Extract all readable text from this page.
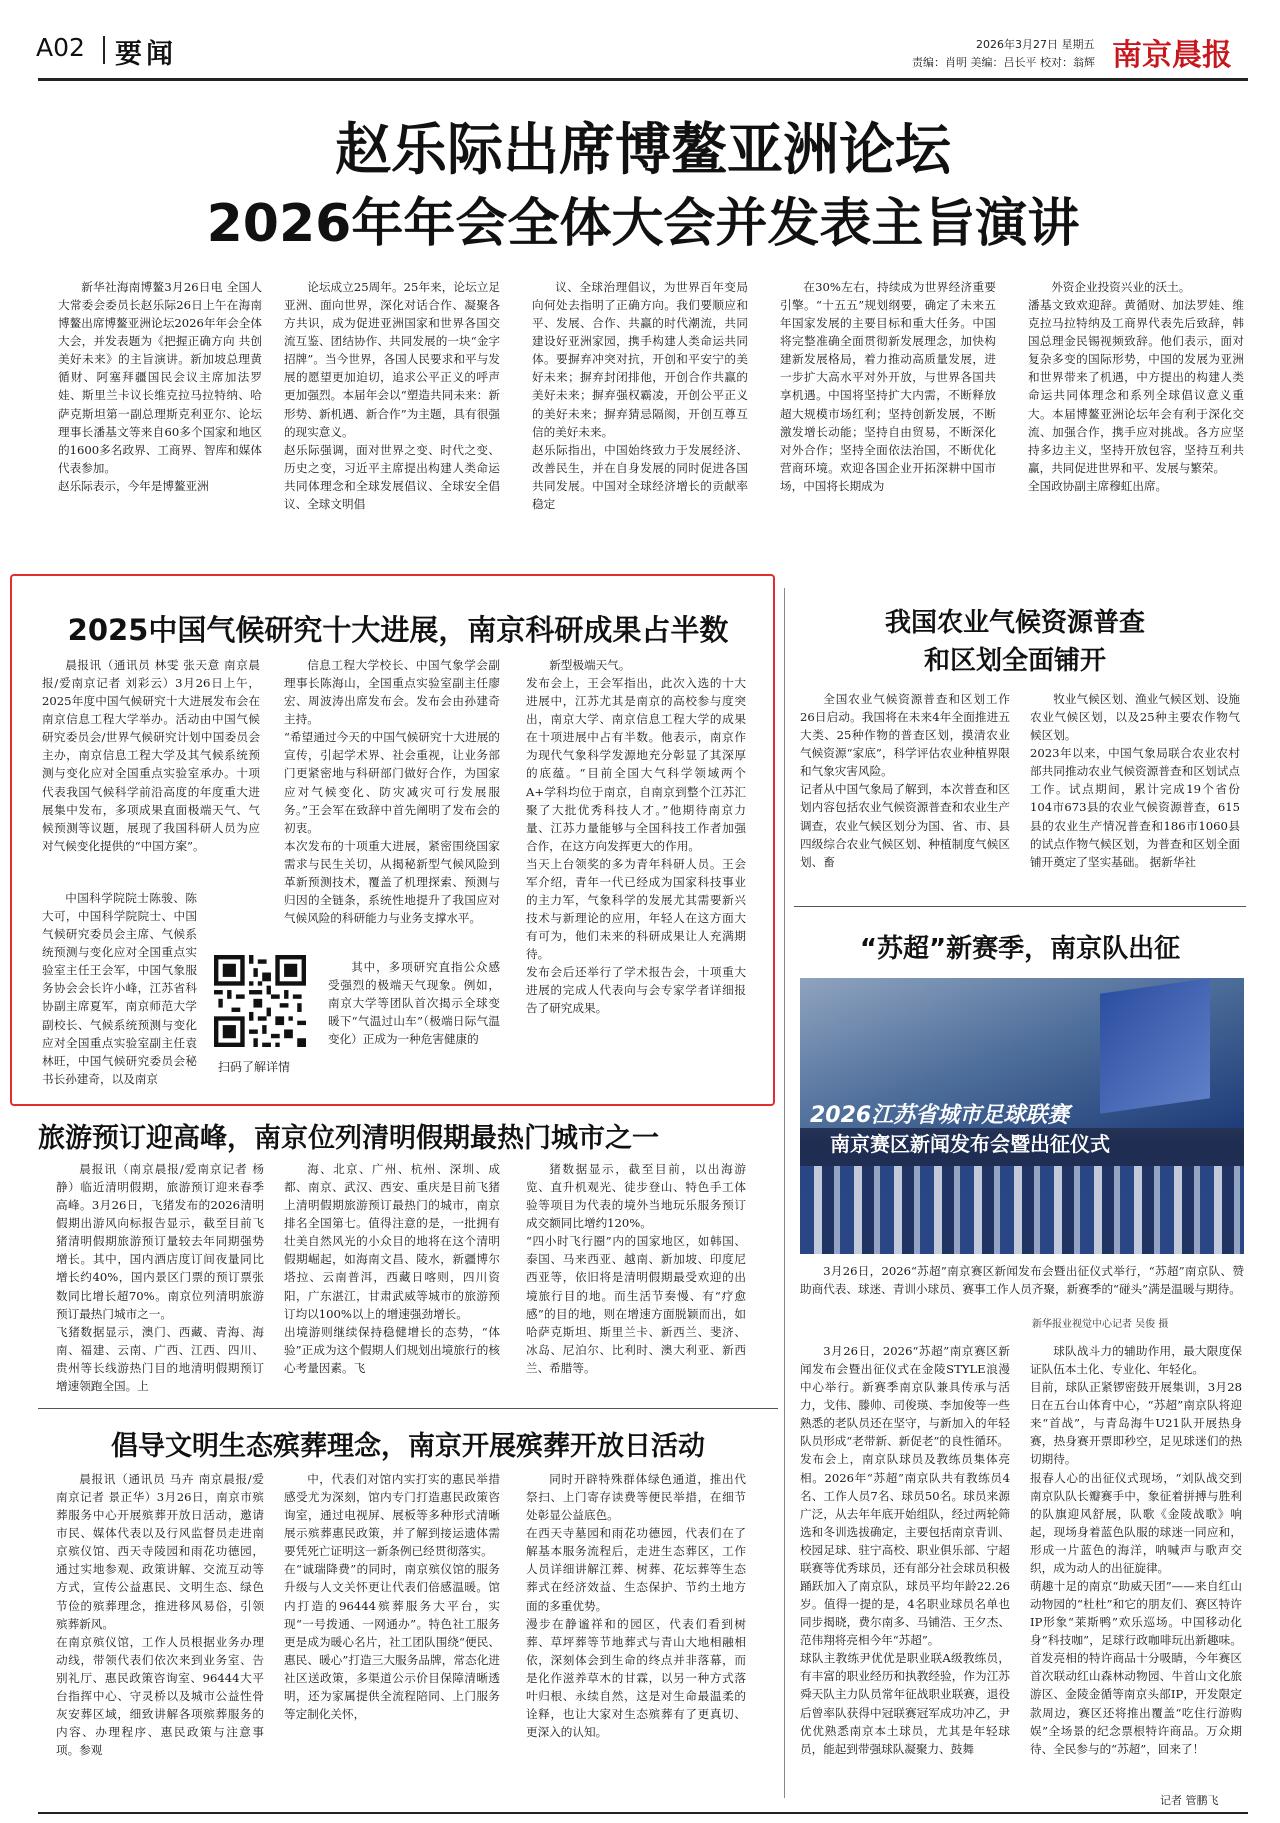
A02 要闻	2026年3月27日 星期五
责编：肖明 美编：吕长平 校对：翁辉 南京晨报
赵乐际出席博鳌亚洲论坛
2026年年会全体大会并发表主旨演讲

新华社海南博鳌3月26日电 全国人大常委会委员长赵乐际26日上午在海南博鳌出席博鳌亚洲论坛2026年年会全体大会，并发表题为《把握正确方向 共创美好未来》的主旨演讲。新加坡总理黄循财、阿塞拜疆国民会议主席加法罗娃、斯里兰卡议长维克拉马拉特纳、哈萨克斯坦第一副总理斯克利亚尔、论坛理事长潘基文等来自60多个国家和地区的1600多名政界、工商界、智库和媒体代表参加。
赵乐际表示，今年是博鳌亚洲

论坛成立25周年。25年来，论坛立足亚洲、面向世界，深化对话合作、凝聚各方共识，成为促进亚洲国家和世界各国交流互鉴、团结协作、共同发展的一块“金字招牌”。当今世界，各国人民要求和平与发展的愿望更加迫切，追求公平正义的呼声更加强烈。本届年会以“塑造共同未来：新形势、新机遇、新合作”为主题，具有很强的现实意义。
赵乐际强调，面对世界之变、时代之变、历史之变，习近平主席提出构建人类命运共同体理念和全球发展倡议、全球安全倡议、全球文明倡

议、全球治理倡议，为世界百年变局向何处去指明了正确方向。我们要顺应和平、发展、合作、共赢的时代潮流，共同建设好亚洲家园，携手构建人类命运共同体。要摒弃冲突对抗，开创和平安宁的美好未来；摒弃封闭排他，开创合作共赢的美好未来；摒弃强权霸凌，开创公平正义的美好未来；摒弃猜忌隔阂，开创互尊互信的美好未来。
赵乐际指出，中国始终致力于发展经济、改善民生，并在自身发展的同时促进各国共同发展。中国对全球经济增长的贡献率稳定

在30%左右，持续成为世界经济重要引擎。“十五五”规划纲要，确定了未来五年国家发展的主要目标和重大任务。中国将完整准确全面贯彻新发展理念，加快构建新发展格局，着力推动高质量发展，进一步扩大高水平对外开放，与世界各国共享机遇。中国将坚持扩大内需，不断释放超大规模市场红利；坚持创新发展，不断激发增长动能；坚持自由贸易，不断深化对外合作；坚持全面依法治国，不断优化营商环境。欢迎各国企业开拓深耕中国市场，中国将长期成为

外资企业投资兴业的沃土。
潘基文致欢迎辞。黄循财、加法罗娃、维克拉马拉特纳及工商界代表先后致辞，韩国总理金民锡视频致辞。他们表示，面对复杂多变的国际形势，中国的发展为亚洲和世界带来了机遇，中方提出的构建人类命运共同体理念和系列全球倡议意义重大。本届博鳌亚洲论坛年会有利于深化交流、加强合作，携手应对挑战。各方应坚持多边主义，坚持开放包容，坚持互利共赢，共同促进世界和平、发展与繁荣。
全国政协副主席穆虹出席。

2025中国气候研究十大进展，南京科研成果占半数

晨报讯（通讯员 林雯 张天意 南京晨报/爱南京记者 刘彩云）3月26日上午，2025年度中国气候研究十大进展发布会在南京信息工程大学举办。活动由中国气候研究委员会/世界气候研究计划中国委员会主办，南京信息工程大学及其气候系统预测与变化应对全国重点实验室承办。十项代表我国气候科学前沿高度的年度重大进展集中发布，多项成果直面极端天气、气候预测等议题，展现了我国科研人员为应对气候变化提供的“中国方案”。

中国科学院院士陈骏、陈大可，中国科学院院士、中国气候研究委员会主席、气候系统预测与变化应对全国重点实验室主任王会军，中国气象服务协会会长许小峰，江苏省科协副主席夏军，南京师范大学副校长、气候系统预测与变化应对全国重点实验室副主任袁林旺，中国气候研究委员会秘书长孙建奇，以及南京

扫码了解详情

信息工程大学校长、中国气象学会副理事长陈海山，全国重点实验室副主任廖宏、周波涛出席发布会。发布会由孙建奇主持。
“希望通过今天的中国气候研究十大进展的宣传，引起学术界、社会重视，让业务部门更紧密地与科研部门做好合作，为国家应对气候变化、防灾减灾可行发展服务。”王会军在致辞中首先阐明了发布会的初衷。
本次发布的十项重大进展，紧密围绕国家需求与民生关切，从揭秘新型气候风险到革新预测技术，覆盖了机理探索、预测与归因的全链条，系统性地提升了我国应对气候风险的科研能力与业务支撑水平。

其中，多项研究直指公众感受强烈的极端天气现象。例如，南京大学等团队首次揭示全球变暖下“气温过山车”（极端日际气温变化）正成为一种危害健康的

新型极端天气。
发布会上，王会军指出，此次入选的十大进展中，江苏尤其是南京的高校参与度突出，南京大学、南京信息工程大学的成果在十项进展中占有半数。他表示，南京作为现代气象科学发源地充分彰显了其深厚的底蕴。“目前全国大气科学领域两个A+学科均位于南京，自南京到整个江苏汇聚了大批优秀科技人才。”他期待南京力量、江苏力量能够与全国科技工作者加强合作，在这方向发挥更大的作用。
当天上台领奖的多为青年科研人员。王会军介绍，青年一代已经成为国家科技事业的主力军，气象科学的发展尤其需要新兴技术与新理论的应用，年轻人在这方面大有可为，他们未来的科研成果让人充满期待。
发布会后还举行了学术报告会，十项重大进展的完成人代表向与会专家学者详细报告了研究成果。

我国农业气候资源普查
和区划全面铺开

全国农业气候资源普查和区划工作26日启动。我国将在未来4年全面推进五大类、25种作物的普查区划，摸清农业气候资源“家底”，科学评估农业种植界限和气象灾害风险。
记者从中国气象局了解到，本次普查和区划内容包括农业气候资源普查和农业生产调查，农业气候区划分为国、省、市、县四级综合农业气候区划、种植制度气候区划、畜

牧业气候区划、渔业气候区划、设施农业气候区划，以及25种主要农作物气候区划。
2023年以来，中国气象局联合农业农村部共同推动农业气候资源普查和区划试点工作。试点期间，累计完成19个省份104市673县的农业气候资源普查，615县的农业生产情况普查和186市1060县的试点作物气候区划，为普查和区划全面铺开奠定了坚实基础。 据新华社

“苏超”新赛季，南京队出征
2026江苏省城市足球联赛
南京赛区新闻发布会暨出征仪式

3月26日，2026“苏超”南京赛区新闻发布会暨出征仪式举行，“苏超”南京队、赞助商代表、球迷、青训小球员、赛事工作人员齐聚，新赛季的“碰头”满是温暖与期待。

新华报业视觉中心记者 吴俊 摄

3月26日，2026“苏超”南京赛区新闻发布会暨出征仪式在金陵STYLE浪漫中心举行。新赛季南京队兼具传承与活力，戈伟、滕帅、司俊瑛、李加俊等一些熟悉的老队员还在坚守，与新加入的年轻队员形成“老带新、新促老”的良性循环。
发布会上，南京队球员及教练员集体亮相。2026年“苏超”南京队共有教练员4名、工作人员7名、球员50名。球员来源广泛，从去年年底开始组队，经过两轮筛选和冬训选拔确定，主要包括南京青训、校园足球、驻宁高校、职业俱乐部、宁超联赛等优秀球员，还有部分社会球员积极踊跃加入了南京队，球员平均年龄22.26岁。值得一提的是，4名职业球员名单也同步揭晓，费尔南多、马铺浩、王夕杰、范伟翔将亮相今年“苏超”。
球队主教练尹优优是职业联A级教练员，有丰富的职业经历和执教经验，作为江苏舜天队主力队员常年征战职业联赛，退役后曾率队获得中冠联赛冠军成功冲乙，尹优优熟悉南京本土球员，尤其是年轻球员，能起到带强球队凝聚力、鼓舞

球队战斗力的辅助作用，最大限度保证队伍本土化、专业化、年轻化。
目前，球队正紧锣密鼓开展集训，3月28日在五台山体育中心，“苏超”南京队将迎来“首战”，与青岛海牛U21队开展热身赛，热身赛开票即秒空，足见球迷们的热切期待。
报春人心的出征仪式现场，“刘队战交到南京队队长瓣赛手中，象征着拼搏与胜利的队旗迎风舒展，队歌《金陵战歌》响起，现场身着蓝色队服的球迷一同应和，形成一片蓝色的海洋，呐喊声与歌声交织，成为动人的出征旋律。
萌趣十足的南京“助威天团”——来自红山动物园的“杜杜”和它的朋友们、赛区特许IP形象“莱斯鸭”欢乐巡场。中国移动化身“科技咖”，足球行政咖啡玩出新趣味。首发亮相的特许商品十分吸睛，今年赛区首次联动红山森林动物园、牛首山文化旅游区、金陵金循等南京头部IP，开发限定款周边，赛区还将推出覆盖“吃住行游购娱”全场景的纪念票根特许商品。万众期待、全民参与的“苏超”，回来了！

记者 管鹏飞
旅游预订迎高峰，南京位列清明假期最热门城市之一

晨报讯（南京晨报/爱南京记者 杨静）临近清明假期，旅游预订迎来春季高峰。3月26日，飞猪发布的2026清明假期出游风向标报告显示，截至目前飞猪清明假期旅游预订量较去年同期强势增长。其中，国内酒店度订间夜量同比增长约40%，国内景区门票的预订票张数同比增长超70%。南京位列清明旅游预订最热门城市之一。
飞猪数据显示，澳门、西藏、青海、海南、福建、云南、广西、江西、四川、贵州等长线游热门目的地清明假期预订增速领跑全国。上

海、北京、广州、杭州、深圳、成都、南京、武汉、西安、重庆是目前飞猪上清明假期旅游预订最热门的城市，南京排名全国第七。值得注意的是，一批拥有壮美自然风光的小众目的地将在这个清明假期崛起，如海南文昌、陵水，新疆博尔塔拉、云南普洱，西藏日喀则，四川资阳，广东湛江，甘肃武威等城市的旅游预订均以100%以上的增速强劲增长。
出境游则继续保持稳健增长的态势，“体验”正成为这个假期人们规划出境旅行的核心考量因素。飞

猪数据显示，截至目前，以出海游览、直升机观光、徒步登山、特色手工体验等项目为代表的境外当地玩乐服务预订成交额同比增约120%。
“四小时飞行圈”内的国家地区，如韩国、泰国、马来西亚、越南、新加坡、印度尼西亚等，依旧将是清明假期最受欢迎的出境旅行目的地。而生活节奏慢、有“疗愈感”的目的地，则在增速方面脱颖而出，如哈萨克斯坦、斯里兰卡、新西兰、斐济、冰岛、尼泊尔、比利时、澳大利亚、新西兰、希腊等。

倡导文明生态殡葬理念，南京开展殡葬开放日活动

晨报讯（通讯员 马卉 南京晨报/爱南京记者 景正华）3月26日，南京市殡葬服务中心开展殡葬开放日活动，邀请市民、媒体代表以及行风监督员走进南京殡仪馆、西天寺陵园和雨花功德园，通过实地参观、政策讲解、交流互动等方式，宣传公益惠民、文明生态、绿色节俭的殡葬理念，推进移风易俗，引领殡葬新风。
在南京殡仪馆，工作人员根据业务办理动线，带领代表们依次来到业务室、告别礼厅、惠民政策咨询室、96444大平台指挥中心、守灵桥以及城市公益性骨灰安葬区域，细致讲解各项殡葬服务的内容、办理程序、惠民政策与注意事项。参观

中，代表们对馆内实打实的惠民举措感受尤为深刻，馆内专门打造惠民政策咨询室，通过电视屏、展板等多种形式清晰展示殡葬惠民政策，并了解到接运遗体需要凭死亡证明这一新条例已经贯彻落实。
在“诚瑞降费”的同时，南京殡仪馆的服务升级与人文关怀更让代表们倍感温暖。馆内打造的96444殡葬服务大平台，实现“一号拨通、一网通办”。特色社工服务更是成为暖心名片，社工团队围绕“便民、惠民、暖心”打造三大服务品牌，常态化进社区送政策，多渠道公示价目保障清晰透明，还为家属提供全流程陪同、上门服务等定制化关怀，

同时开辟特殊群体绿色通道，推出代祭扫、上门寄存读费等便民举措，在细节处彰显公益底色。
在西天寺墓园和雨花功德园，代表们在了解基本服务流程后，走进生态葬区，工作人员详细讲解江葬、树葬、花坛葬等生态葬式在经济效益、生态保护、节约土地方面的多重优势。
漫步在静谧祥和的园区，代表们看到树葬、草坪葬等节地葬式与青山大地相融相依，深刻体会到生命的终点并非落幕，而是化作滋养草木的甘霖，以另一种方式落叶归根、永续自然，这是对生命最温柔的诠释，也让大家对生态殡葬有了更真切、更深入的认知。
